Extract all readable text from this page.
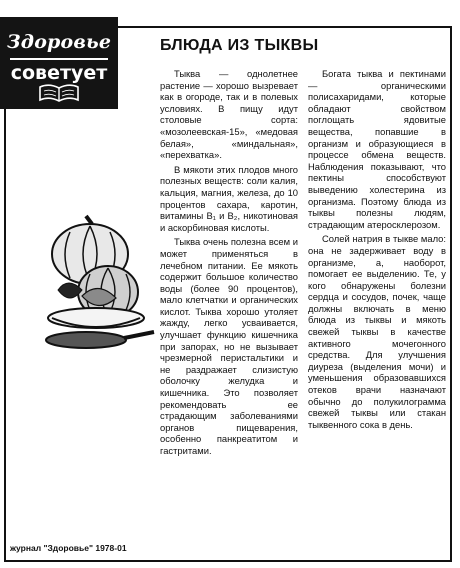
Здоровье
советует
БЛЮДА ИЗ ТЫКВЫ

Тыква — однолетнее растение — хорошо вызревает как в огороде, так и в полевых условиях. В пищу идут столовые сорта: «мозолеевская-15», «медовая белая», «миндальная», «перехватка».

В мякоти этих плодов много полезных веществ: соли калия, кальция, магния, железа, до 10 процентов сахара, каротин, витамины B₁ и B₂, никотиновая и аскорбиновая кислоты.

Тыква очень полезна всем и может применяться в лечебном питании. Ее мякоть содержит большое количество воды (более 90 процентов), мало клетчатки и органических кислот. Тыква хорошо утоляет жажду, легко усваивается, улучшает функцию кишечника при запорах, но не вызывает чрезмерной перистальтики и не раздражает слизистую оболочку желудка и кишечника. Это позволяет рекомендовать ее страдающим заболеваниями органов пищеварения, особенно панкреатитом и гастритами.

Богата тыква и пектинами — органическими полисахаридами, которые обладают свойством поглощать ядовитые вещества, попавшие в организм и образующиеся в процессе обмена веществ. Наблюдения показывают, что пектины способствуют выведению холестерина из организма. Поэтому блюда из тыквы полезны людям, страдающим атеросклерозом.

Солей натрия в тыкве мало: она не задерживает воду в организме, а, наоборот, помогает ее выделению. Те, у кого обнаружены болезни сердца и сосудов, почек, чаще должны включать в меню блюда из тыквы и мякоть свежей тыквы в качестве активного мочегонного средства. Для улучшения диуреза (выделения мочи) и уменьшения образовавшихся отеков врачи назначают обычно до полукилограмма свежей тыквы или стакан тыквенного сока в день.

журнал "Здоровье" 1978-01
